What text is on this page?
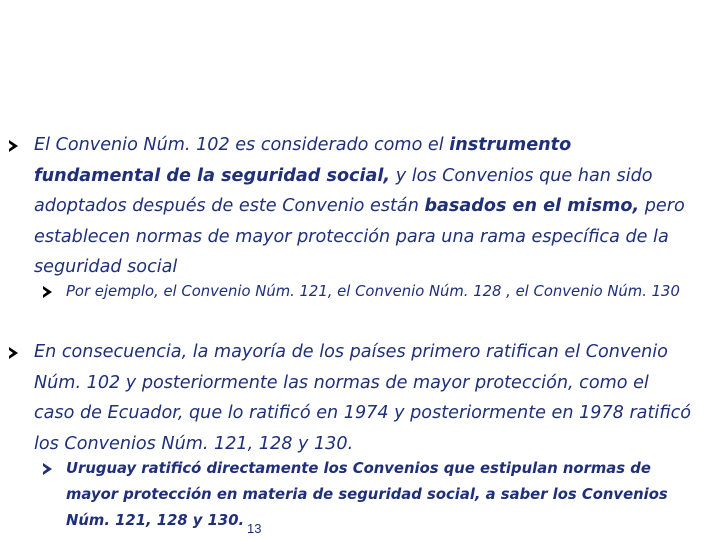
El Convenio Núm. 102 es considerado como el instrumento fundamental de la seguridad social, y los Convenios que han sido adoptados después de este Convenio están basados en el mismo, pero establecen normas de mayor protección para una rama específica de la seguridad social
Por ejemplo, el Convenio Núm. 121, el Convenio Núm. 128 , el Convenio Núm. 130
En consecuencia, la mayoría de los países primero ratifican el Convenio Núm. 102 y posteriormente las normas de mayor protección, como el caso de Ecuador, que lo ratificó en 1974 y posteriormente en 1978 ratificó los Convenios Núm. 121, 128 y 130.
Uruguay ratificó directamente los Convenios que estipulan normas de mayor protección en materia de seguridad social, a saber los Convenios Núm. 121, 128 y 130. 13
